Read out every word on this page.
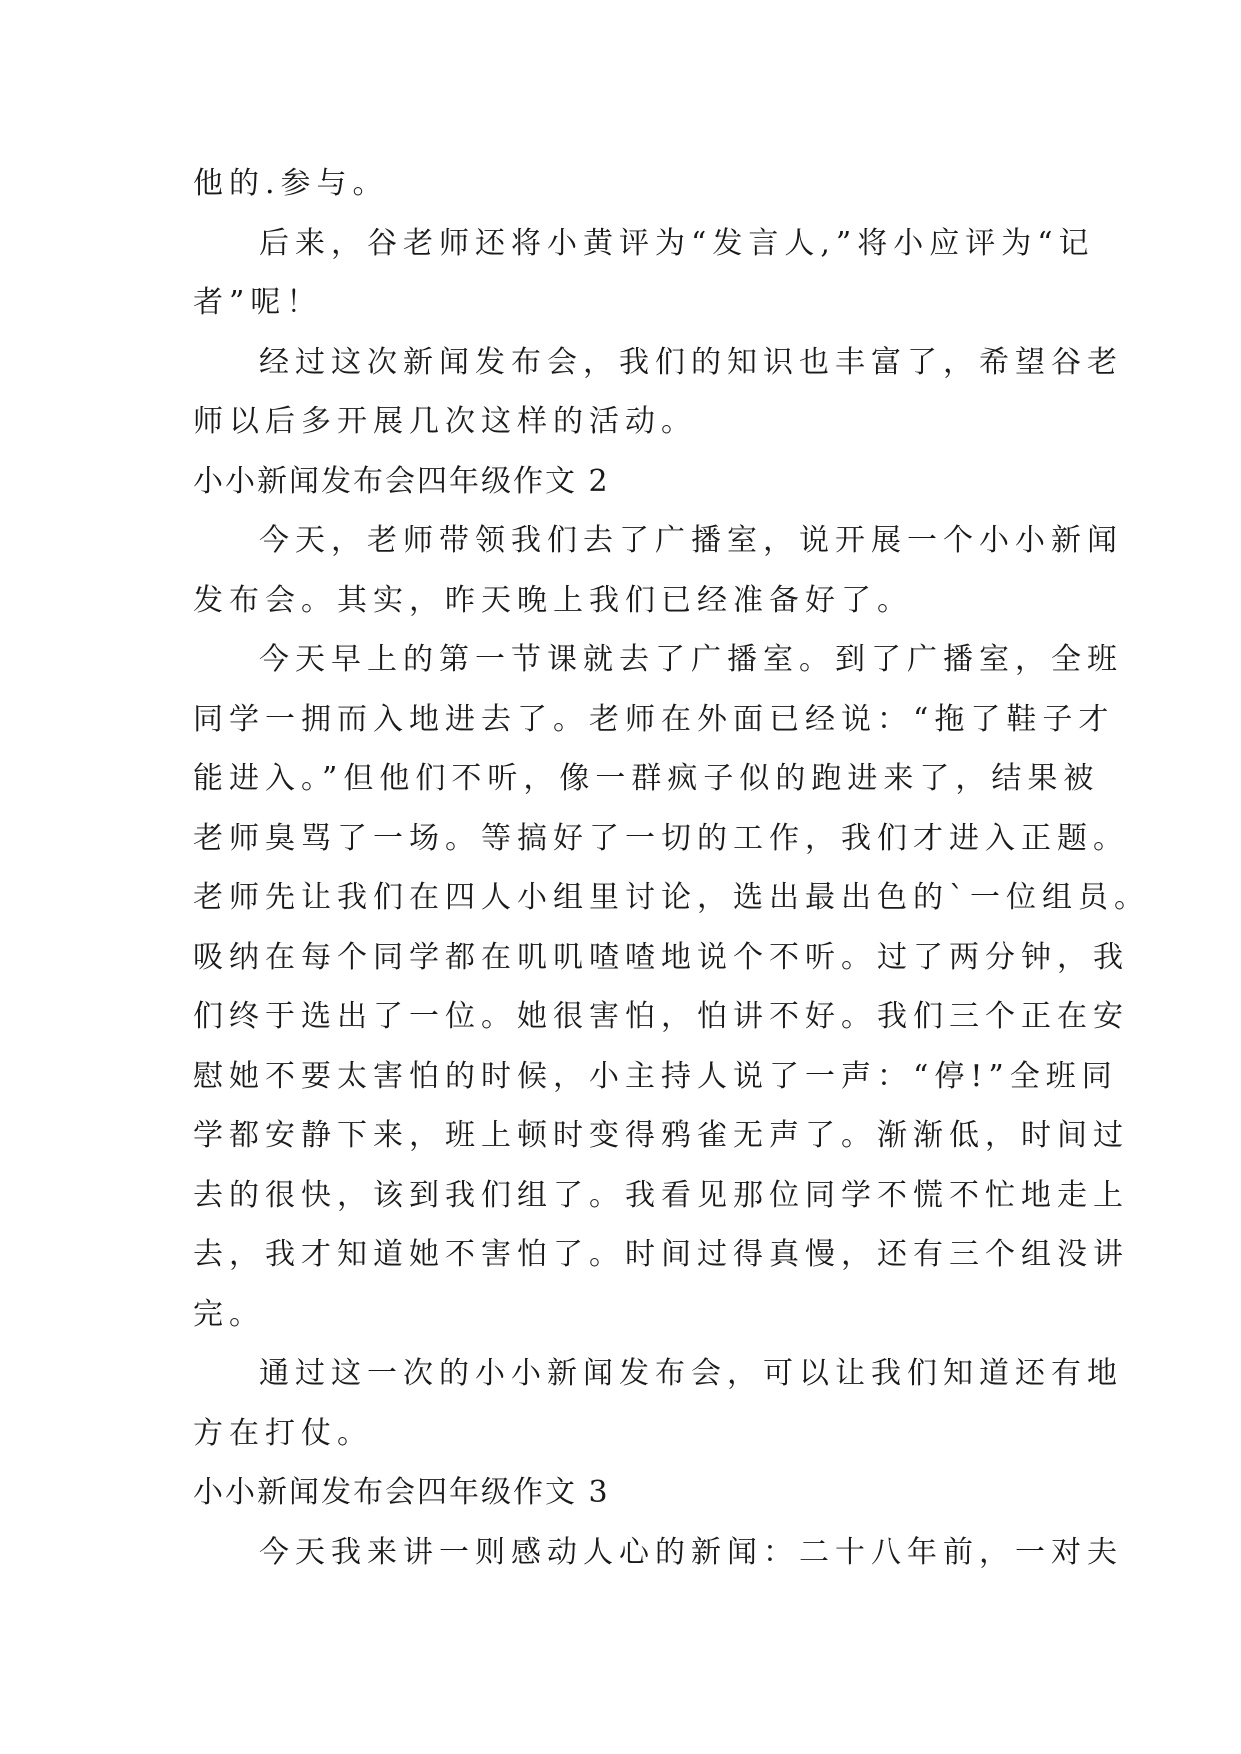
他的.参与。
后来，谷老师还将小黄评为“发言人,”将小应评为“记
者”呢！
经过这次新闻发布会，我们的知识也丰富了，希望谷老
师以后多开展几次这样的活动。
小小新闻发布会四年级作文 2
今天，老师带领我们去了广播室，说开展一个小小新闻
发布会。其实，昨天晚上我们已经准备好了。
今天早上的第一节课就去了广播室。到了广播室，全班
同学一拥而入地进去了。老师在外面已经说：“拖了鞋子才
能进入。”但他们不听，像一群疯子似的跑进来了，结果被
老师臭骂了一场。等搞好了一切的工作，我们才进入正题。
老师先让我们在四人小组里讨论，选出最出色的`一位组员。
吸纳在每个同学都在叽叽喳喳地说个不听。过了两分钟，我
们终于选出了一位。她很害怕，怕讲不好。我们三个正在安
慰她不要太害怕的时候，小主持人说了一声：“停!”全班同
学都安静下来，班上顿时变得鸦雀无声了。渐渐低，时间过
去的很快，该到我们组了。我看见那位同学不慌不忙地走上
去，我才知道她不害怕了。时间过得真慢，还有三个组没讲
完。
通过这一次的小小新闻发布会，可以让我们知道还有地
方在打仗。
小小新闻发布会四年级作文 3
今天我来讲一则感动人心的新闻：二十八年前，一对夫
